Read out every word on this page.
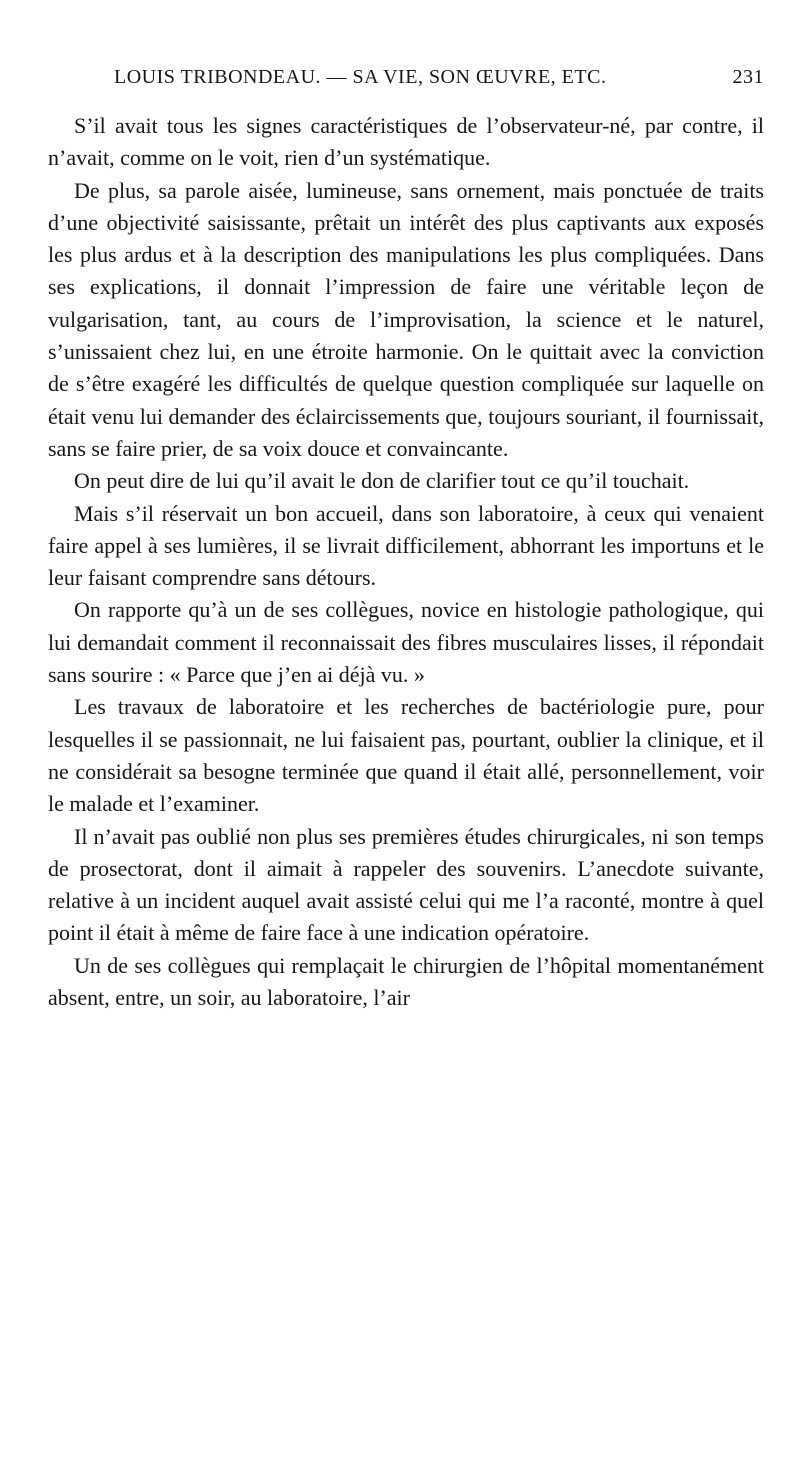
LOUIS TRIBONDEAU. — SA VIE, SON ŒUVRE, ETC.	231

S’il avait tous les signes caractéristiques de l’observateur-né, par contre, il n’avait, comme on le voit, rien d’un systématique.

De plus, sa parole aisée, lumineuse, sans ornement, mais ponctuée de traits d’une objectivité saisissante, prêtait un intérêt des plus captivants aux exposés les plus ardus et à la description des manipulations les plus compliquées. Dans ses explications, il donnait l’impression de faire une véritable leçon de vulgarisation, tant, au cours de l’improvisation, la science et le naturel, s’unissaient chez lui, en une étroite harmonie. On le quittait avec la conviction de s’être exagéré les difficultés de quelque question compliquée sur laquelle on était venu lui demander des éclaircissements que, toujours souriant, il fournissait, sans se faire prier, de sa voix douce et convaincante.

On peut dire de lui qu’il avait le don de clarifier tout ce qu’il touchait.

Mais s’il réservait un bon accueil, dans son laboratoire, à ceux qui venaient faire appel à ses lumières, il se livrait difficilement, abhorrant les importuns et le leur faisant comprendre sans détours.

On rapporte qu’à un de ses collègues, novice en histologie pathologique, qui lui demandait comment il reconnaissait des fibres musculaires lisses, il répondait sans sourire : « Parce que j’en ai déjà vu. »

Les travaux de laboratoire et les recherches de bactériologie pure, pour lesquelles il se passionnait, ne lui faisaient pas, pourtant, oublier la clinique, et il ne considérait sa besogne terminée que quand il était allé, personnellement, voir le malade et l’examiner.

Il n’avait pas oublié non plus ses premières études chirurgicales, ni son temps de prosectorat, dont il aimait à rappeler des souvenirs. L’anecdote suivante, relative à un incident auquel avait assisté celui qui me l’a raconté, montre à quel point il était à même de faire face à une indication opératoire.

Un de ses collègues qui remplaçait le chirurgien de l’hôpital momentanément absent, entre, un soir, au laboratoire, l’air
